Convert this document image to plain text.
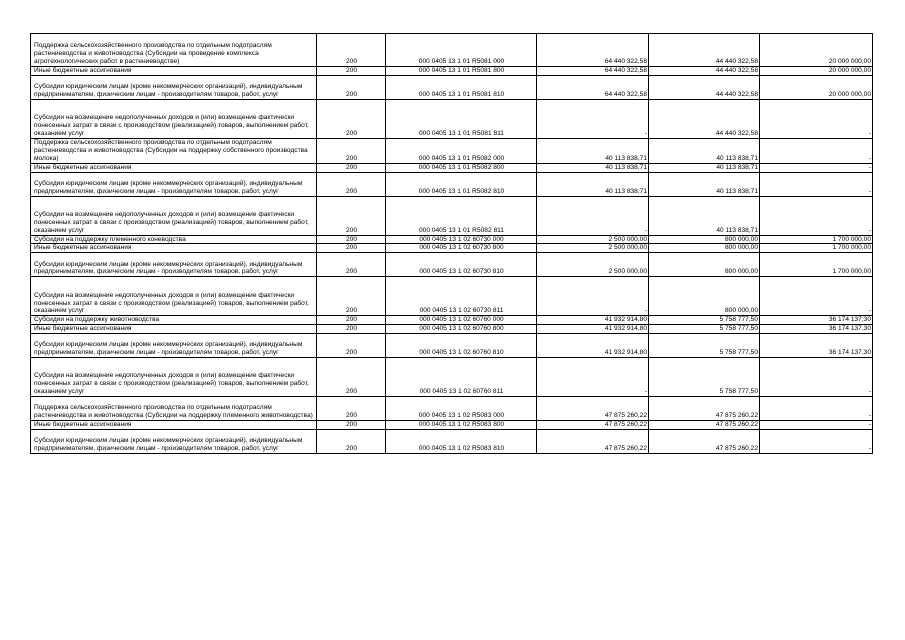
Поддержка сельскохозяйственного производства по отдельным подотраслям растениеводства и животноводства (Субсидии на проведение комплекса агротехнологических работ в растениеводстве)	200	000 0405 13 1 01 R5081 000	64 440 322,58	44 440 322,58	20 000 000,00
Иные бюджетные ассигнования	200	000 0405 13 1 01 R5081 800	64 440 322,58	44 440 322,58	20 000 000,00
Субсидии юридическим лицам (кроме некоммерческих организаций), индивидуальным предпринимателям, физическим лицам - производителям товаров, работ, услуг	200	000 0405 13 1 01 R5081 810	64 440 322,58	44 440 322,58	20 000 000,00
Субсидии на возмещение недополученных доходов и (или) возмещение фактически понесенных затрат в связи с производством (реализацией) товаров, выполнением работ, оказанием услуг	200	000 0405 13 1 01 R5081 811	-	44 440 322,58	-
Поддержка сельскохозяйственного производства по отдельным подотраслям растениеводства и животноводства (Субсидии на поддержку собственного производства молока)	200	000 0405 13 1 01 R5082 000	40 113 838,71	40 113 838,71	-
Иные бюджетные ассигнования	200	000 0405 13 1 01 R5082 800	40 113 838,71	40 113 838,71	-
Субсидии юридическим лицам (кроме некоммерческих организаций), индивидуальным предпринимателям, физическим лицам - производителям товаров, работ, услуг	200	000 0405 13 1 01 R5082 810	40 113 838,71	40 113 838,71	-
Субсидии на возмещение недополученных доходов и (или) возмещение фактически понесенных затрат в связи с производством (реализацией) товаров, выполнением работ, оказанием услуг	200	000 0405 13 1 01 R5082 811	-	40 113 838,71	-
Субсидии на поддержку племенного коневодства	200	000 0405 13 1 02 60730 000	2 500 000,00	800 000,00	1 700 000,00
Иные бюджетные ассигнования	200	000 0405 13 1 02 60730 800	2 500 000,00	800 000,00	1 700 000,00
Субсидии юридическим лицам (кроме некоммерческих организаций), индивидуальным предпринимателям, физическим лицам - производителям товаров, работ, услуг	200	000 0405 13 1 02 60730 810	2 500 000,00	800 000,00	1 700 000,00
Субсидии на возмещение недополученных доходов и (или) возмещение фактически понесенных затрат в связи с производством (реализацией) товаров, выполнением работ, оказанием услуг	200	000 0405 13 1 02 60730 811	-	800 000,00	-
Субсидии на поддержку животноводства	200	000 0405 13 1 02 60760 000	41 932 914,80	5 758 777,50	36 174 137,30
Иные бюджетные ассигнования	200	000 0405 13 1 02 60760 800	41 932 914,80	5 758 777,50	36 174 137,30
Субсидии юридическим лицам (кроме некоммерческих организаций), индивидуальным предпринимателям, физическим лицам - производителям товаров, работ, услуг	200	000 0405 13 1 02 60760 810	41 932 914,80	5 758 777,50	36 174 137,30
Субсидии на возмещение недополученных доходов и (или) возмещение фактически понесенных затрат в связи с производством (реализацией) товаров, выполнением работ, оказанием услуг	200	000 0405 13 1 02 60760 811	-	5 758 777,50	-
Поддержка сельскохозяйственного производства по отдельным подотраслям растениеводства и животноводства (Субсидии на поддержку племенного животноводства)	200	000 0405 13 1 02 R5083 000	47 875 260,22	47 875 260,22	-
Иные бюджетные ассигнования	200	000 0405 13 1 02 R5083 800	47 875 260,22	47 875 260,22	-
Субсидии юридическим лицам (кроме некоммерческих организаций), индивидуальным предпринимателям, физическим лицам - производителям товаров, работ, услуг	200	000 0405 13 1 02 R5083 810	47 875 260,22	47 875 260,22	-
